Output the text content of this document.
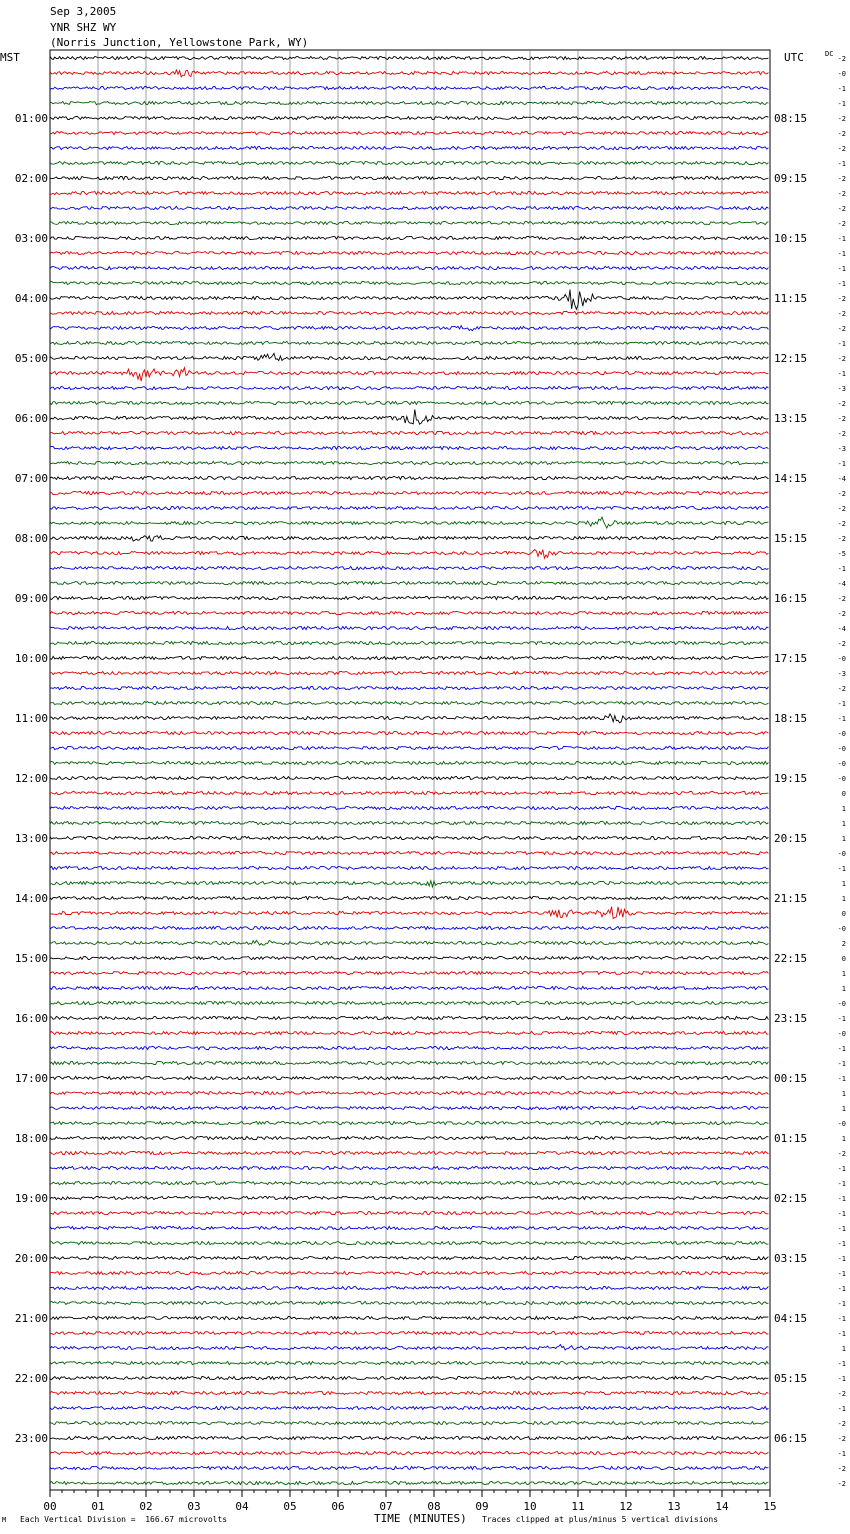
Sep 3,2005
YNR SHZ WY
(Norris Junction, Yellowstone Park, WY)
00	01	02	03	04	05	06	07	08	09	10	11	12	13	14	15
-2
-0
-1
-1
-2
-2
-2
-1
-2
-2
-2
-2
-1
-1
-1
-1
-2
-2
-2
-1
-2
-1
-3
-2
-2
-2
-3
-1
-4
-2
-2
-2
-2
-5
-1
-4
-2
-2
-4
-2
-0
-3
-2
-1
-1
-0
-0
-0
-0
0
1
1
1
-0
-1
1
1
0
-0
2
0
1
1
-0
-1
-0
-1
-1
-1
1
1
-0
1
-2
-1
-1
-1
-1
-1
-1
-1
-1
-1
-1
-1
-1
1
-1
-1
-2
-1
-2
-2
-1
-2
-2
01:00
02:00
03:00
04:00
05:00
06:00
07:00
08:00
09:00
10:00
11:00
12:00
13:00
14:00
15:00
16:00
17:00
18:00
19:00
20:00
21:00
22:00
23:00
08:15
09:15
10:15
11:15
12:15
13:15
14:15
15:15
16:15
17:15
18:15
19:15
20:15
21:15
22:15
23:15
00:15
01:15
02:15
03:15
04:15
05:15
06:15
MST	UTC	DC
M Each Vertical Division =  166.67 microvolts	TIME (MINUTES) Traces clipped at plus/minus 5 vertical divisions
